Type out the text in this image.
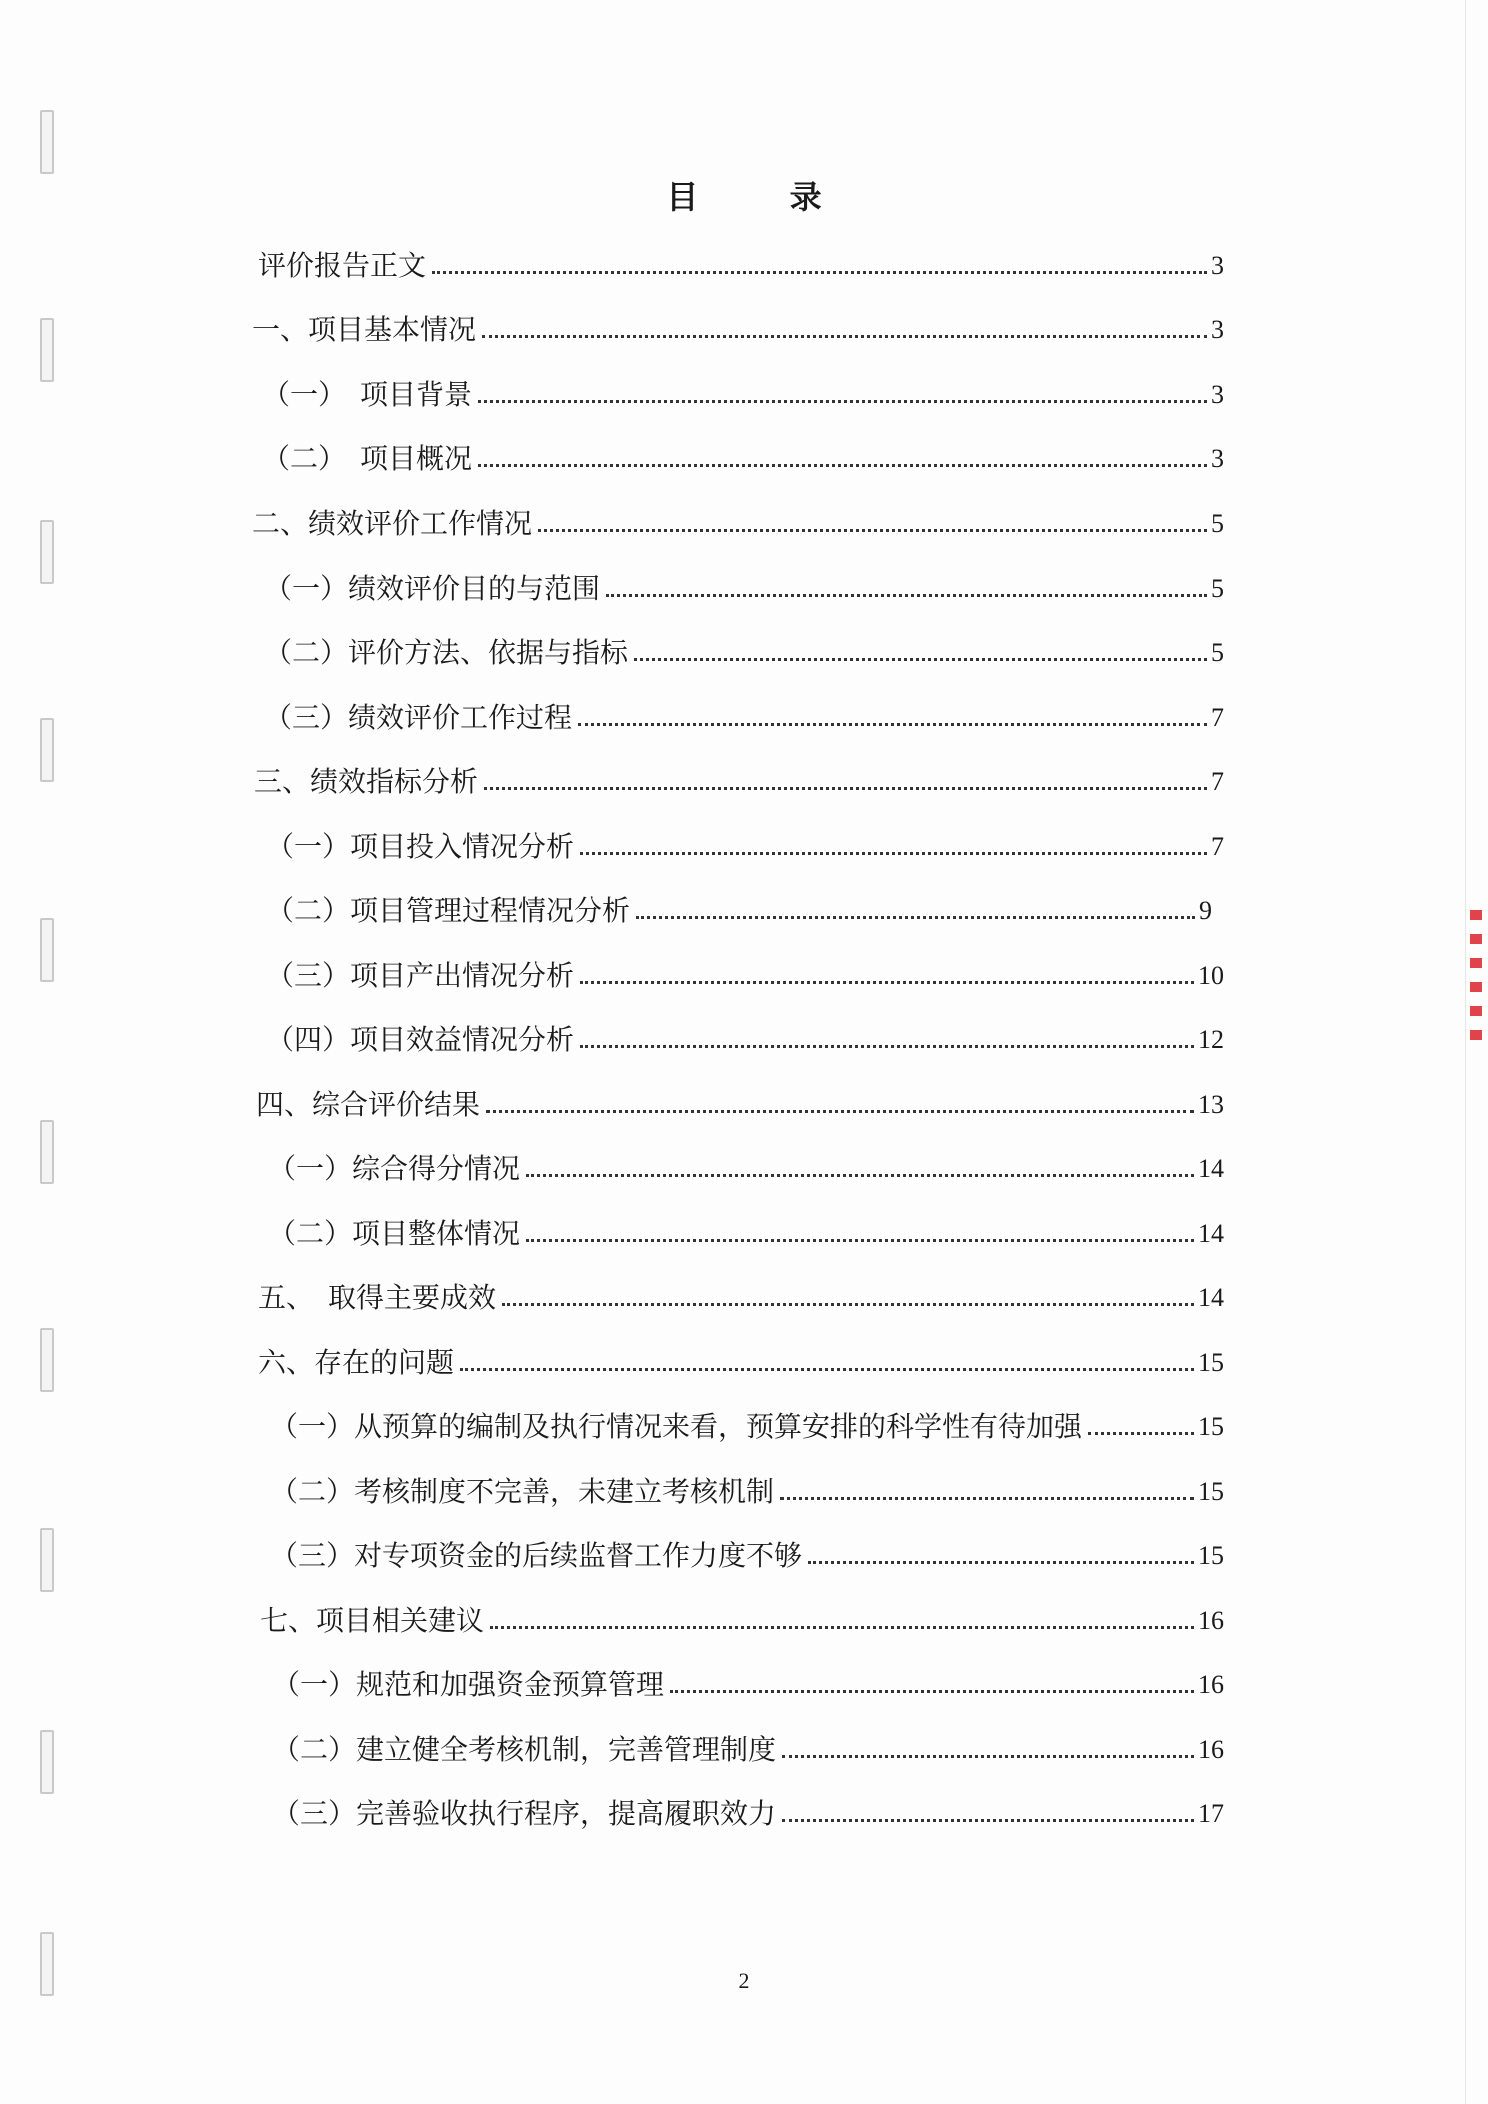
目 录
评价报告正文	3
一、项目基本情况	3
（一）　项目背景	3
（二）　项目概况	3
二、绩效评价工作情况	5
（一）绩效评价目的与范围	5
（二）评价方法、依据与指标	5
（三）绩效评价工作过程	7
三、绩效指标分析	7
（一）项目投入情况分析	7
（二）项目管理过程情况分析	9
（三）项目产出情况分析	10
（四）项目效益情况分析	12
四、综合评价结果	13
（一）综合得分情况	14
（二）项目整体情况	14
五、　取得主要成效	14
六、存在的问题	15
（一）从预算的编制及执行情况来看，预算安排的科学性有待加强	15
（二）考核制度不完善，未建立考核机制	15
（三）对专项资金的后续监督工作力度不够	15
七、项目相关建议	16
（一）规范和加强资金预算管理	16
（二）建立健全考核机制，完善管理制度	16
（三）完善验收执行程序，提高履职效力	17
2
